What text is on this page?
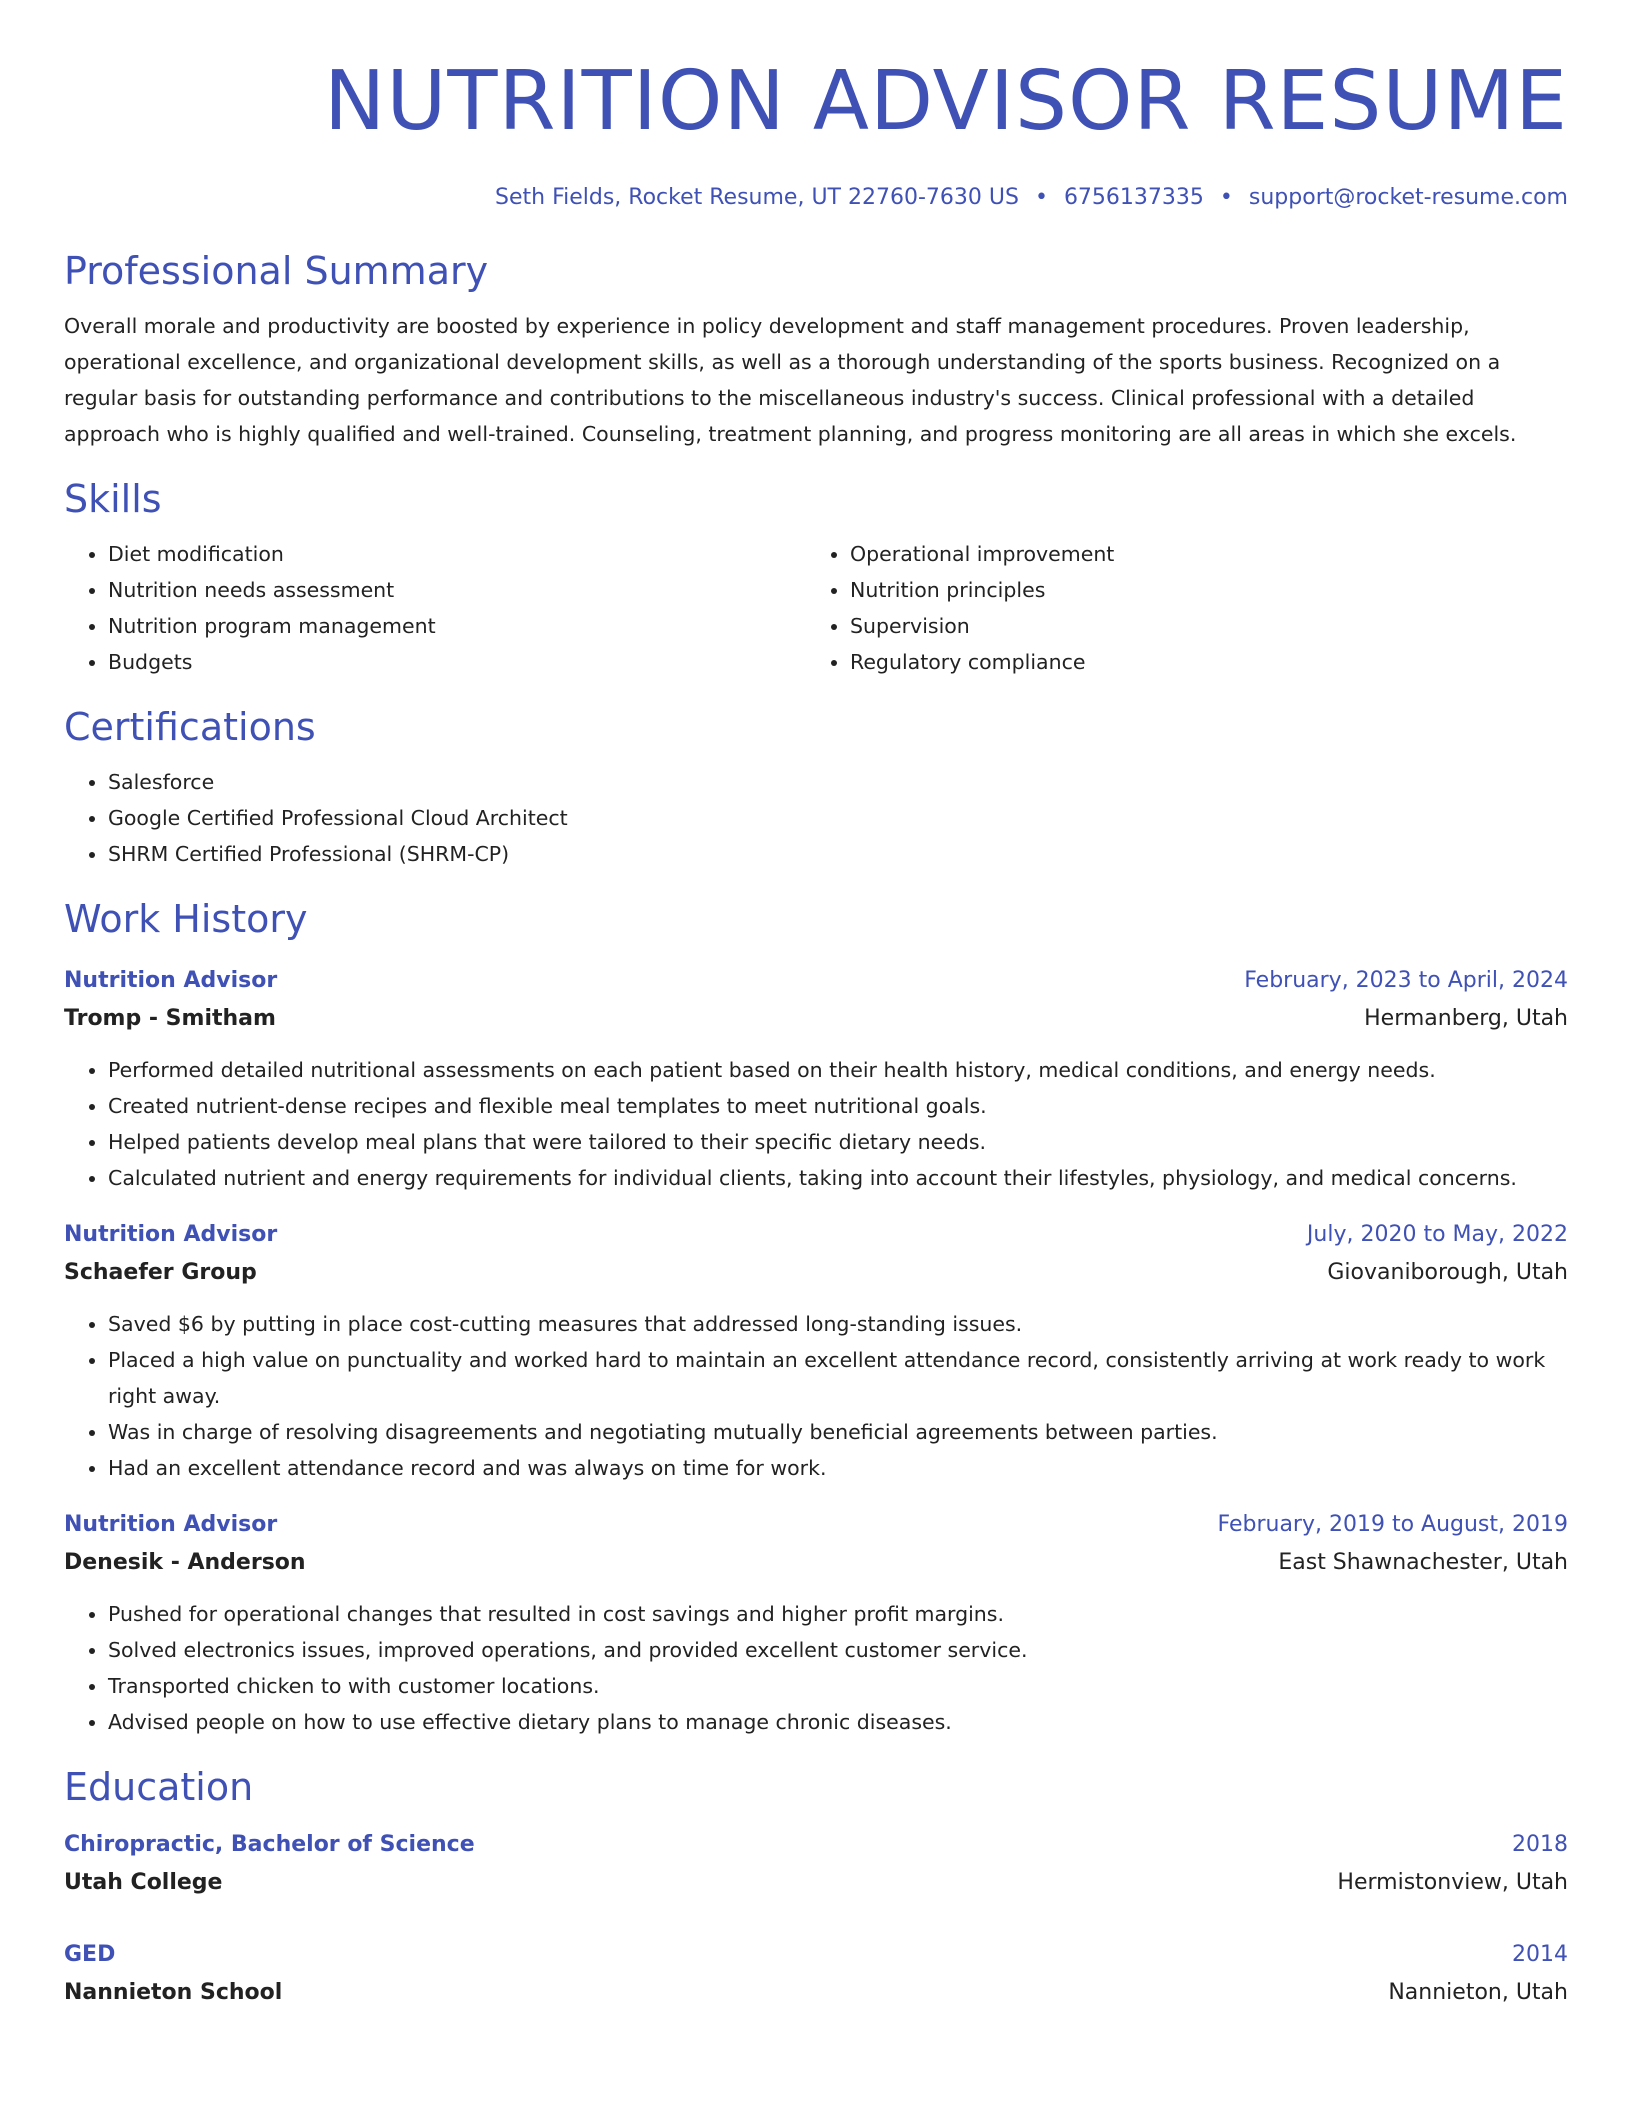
NUTRITION ADVISOR RESUME
Seth Fields, Rocket Resume, UT 22760-7630 US • 6756137335 • support@rocket-resume.com
Professional Summary

Overall morale and productivity are boosted by experience in policy development and staff management procedures. Proven leadership, operational excellence, and organizational development skills, as well as a thorough understanding of the sports business. Recognized on a regular basis for outstanding performance and contributions to the miscellaneous industry's success. Clinical professional with a detailed approach who is highly qualified and well-trained. Counseling, treatment planning, and progress monitoring are all areas in which she excels.

Skills
• Diet modification
• Nutrition needs assessment
• Nutrition program management
• Budgets
• Operational improvement
• Nutrition principles
• Supervision
• Regulatory compliance
Certifications
• Salesforce
• Google Certified Professional Cloud Architect
• SHRM Certified Professional (SHRM-CP)
Work History
Nutrition Advisor	February, 2023 to April, 2024
Tromp - Smitham	Hermanberg, Utah
• Performed detailed nutritional assessments on each patient based on their health history, medical conditions, and energy needs.
• Created nutrient-dense recipes and flexible meal templates to meet nutritional goals.
• Helped patients develop meal plans that were tailored to their specific dietary needs.
• Calculated nutrient and energy requirements for individual clients, taking into account their lifestyles, physiology, and medical concerns.
Nutrition Advisor	July, 2020 to May, 2022
Schaefer Group	Giovaniborough, Utah
• Saved $6 by putting in place cost-cutting measures that addressed long-standing issues.
• Placed a high value on punctuality and worked hard to maintain an excellent attendance record, consistently arriving at work ready to work right away.
• Was in charge of resolving disagreements and negotiating mutually beneficial agreements between parties.
• Had an excellent attendance record and was always on time for work.
Nutrition Advisor	February, 2019 to August, 2019
Denesik - Anderson	East Shawnachester, Utah
• Pushed for operational changes that resulted in cost savings and higher profit margins.
• Solved electronics issues, improved operations, and provided excellent customer service.
• Transported chicken to with customer locations.
• Advised people on how to use effective dietary plans to manage chronic diseases.
Education
Chiropractic, Bachelor of Science	2018
Utah College	Hermistonview, Utah
GED	2014
Nannieton School	Nannieton, Utah
